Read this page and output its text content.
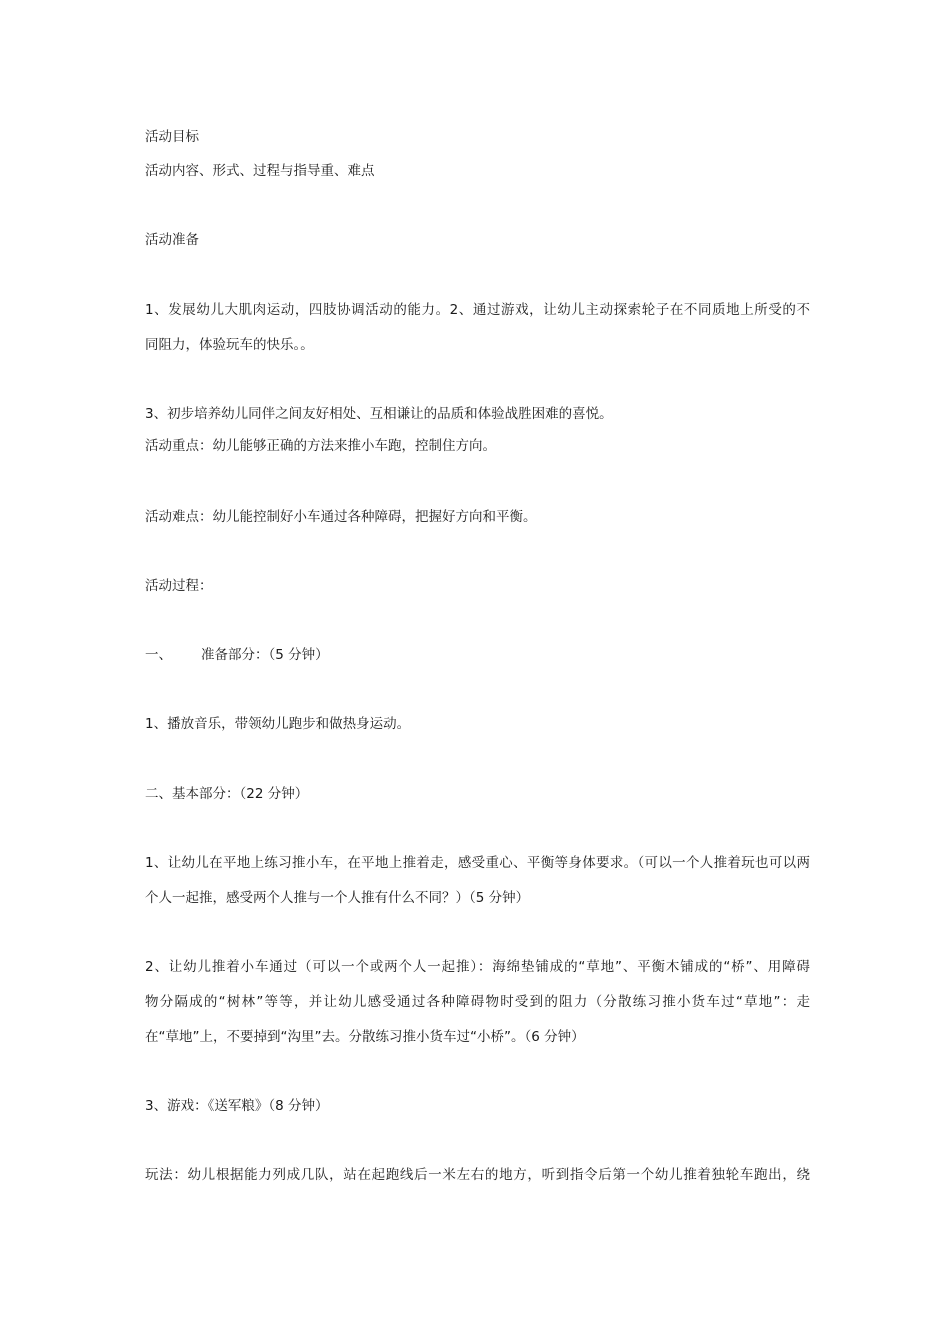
活动目标
活动内容、形式、过程与指导重、难点
活动准备
1、发展幼儿大肌肉运动，四肢协调活动的能力。2、通过游戏，让幼儿主动探索轮子在不同质地上所受的不
同阻力，体验玩车的快乐。。
3、初步培养幼儿同伴之间友好相处、互相谦让的品质和体验战胜困难的喜悦。
活动重点：幼儿能够正确的方法来推小车跑，控制住方向。
活动难点：幼儿能控制好小车通过各种障碍，把握好方向和平衡。
活动过程：
一、 准备部分：（5 分钟）
1、播放音乐，带领幼儿跑步和做热身运动。
二、基本部分：（22 分钟）
1、让幼儿在平地上练习推小车，在平地上推着走，感受重心、平衡等身体要求。（可以一个人推着玩也可以两
个人一起推，感受两个人推与一个人推有什么不同？）（5 分钟）
2、让幼儿推着小车通过（可以一个或两个人一起推）：海绵垫铺成的“草地”、平衡木铺成的“桥”、用障碍
物分隔成的“树林”等等，并让幼儿感受通过各种障碍物时受到的阻力（分散练习推小货车过“草地”：走
在“草地”上，不要掉到“沟里”去。分散练习推小货车过“小桥”。（6 分钟）
3、游戏：《送军粮》（8 分钟）
玩法：幼儿根据能力列成几队，站在起跑线后一米左右的地方，听到指令后第一个幼儿推着独轮车跑出，绕
